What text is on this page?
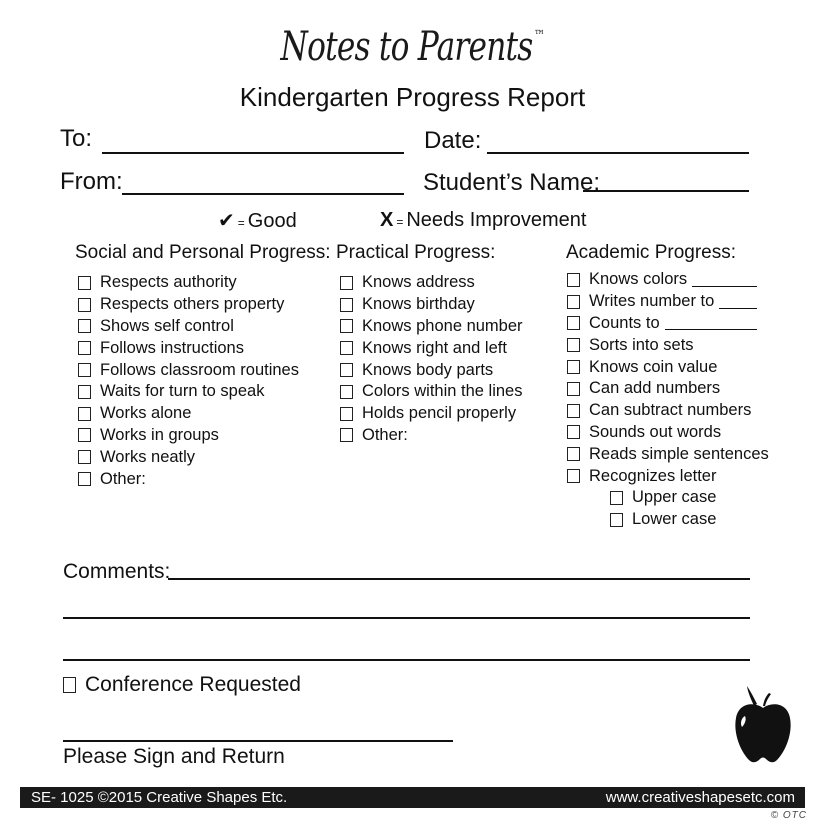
Notes to Parents ™
Kindergarten Progress Report
To:	Date:
From:	Student’s Name:
✔ = Good	X = Needs Improvement
Social and Personal Progress:
Respects authority
Respects others property
Shows self control
Follows instructions
Follows classroom routines
Waits for turn to speak
Works alone
Works in groups
Works neatly
Other:
Practical Progress:
Knows address
Knows birthday
Knows phone number
Knows right and left
Knows body parts
Colors within the lines
Holds pencil properly
Other:
Academic Progress:
Knows colors
Writes number to
Counts to
Sorts into sets
Knows coin value
Can add numbers
Can subtract numbers
Sounds out words
Reads simple sentences
Recognizes letter
Upper case
Lower case
Comments:
Conference Requested
Please Sign and Return
SE- 1025 ©2015 Creative Shapes Etc.	www.creativeshapesetc.com
© OTC
